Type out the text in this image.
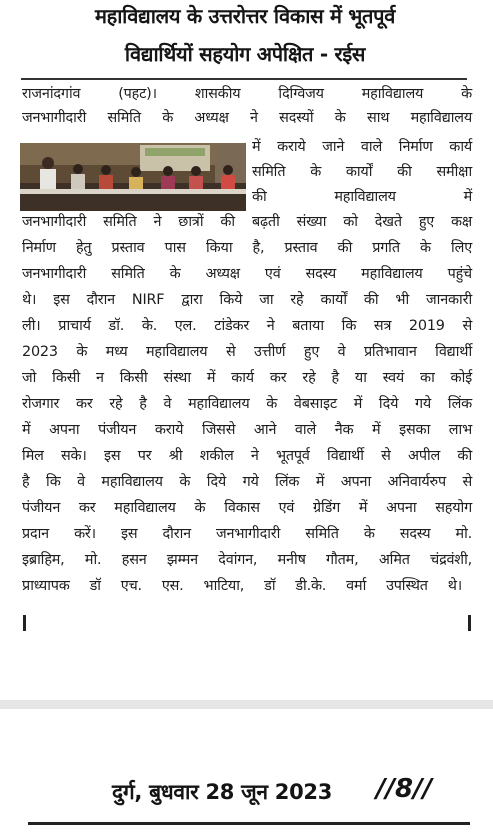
महाविद्यालय के उत्तरोत्तर विकास में भूतपूर्व
विद्यार्थियों सहयोग अपेक्षित - रईस
राजनांदगांव (पहट)। शासकीय दिग्विजय महाविद्यालय के
जनभागीदारी समिति के अध्यक्ष ने सदस्यों के साथ महाविद्यालय
में कराये जाने वाले निर्माण कार्य
समिति के कार्यों की समीक्षा
की महाविद्यालय में
जनभागीदारी समिति ने छात्रों की बढ़ती संख्या को देखते हुए कक्ष
निर्माण हेतु प्रस्ताव पास किया है, प्रस्ताव की प्रगति के लिए
जनभागीदारी समिति के अध्यक्ष एवं सदस्य महाविद्यालय पहुंचे
थे। इस दौरान NIRF द्वारा किये जा रहे कार्यों की भी जानकारी
ली। प्राचार्य डॉ. के. एल. टांडेकर ने बताया कि सत्र 2019 से
2023 के मध्य महाविद्यालय से उत्तीर्ण हुए वे प्रतिभावान विद्यार्थी
जो किसी न किसी संस्था में कार्य कर रहे है या स्वयं का कोई
रोजगार कर रहे है वे महाविद्यालय के वेबसाइट में दिये गये लिंक
में अपना पंजीयन कराये जिससे आने वाले नैक में इसका लाभ
मिल सके। इस पर श्री शकील ने भूतपूर्व विद्यार्थी से अपील की
है कि वे महाविद्यालय के दिये गये लिंक में अपना अनिवार्यरुप से
पंजीयन कर महाविद्यालय के विकास एवं ग्रेडिंग में अपना सहयोग
प्रदान करें। इस दौरान जनभागीदारी समिति के सदस्य मो.
इब्राहिम, मो. हसन झम्मन देवांगन, मनीष गौतम, अमित चंद्रवंशी,
प्राध्यापक डॉ एच. एस. भाटिया, डॉ डी.के. वर्मा उपस्थित थे।
दुर्ग, बुधवार 28 जून 2023 //8//
